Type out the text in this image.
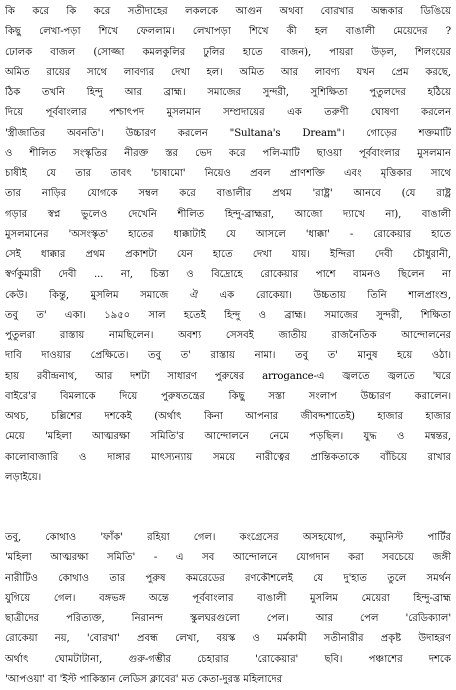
কি করে কি করে সতীদাহের লকলকে আগুন অথবা বোরখার অন্ধকার ডিঙিয়ে
কিছু লেখা-পড়া শিখে ফেললাম। লেখাপড়া শিখে কী হল বাঙালী মেয়েদের ?
ঢোলক বাজল (সোজ্জা কমলকুলির ঢুলির হাতে বাজন), পায়রা উড়ল, শিলংয়ের
অমিত রায়ের সাথে লাবণ্যর দেখা হল। অমিত আর লাবণ্য যখন প্রেম করছে,
ঠিক তখনি হিন্দু আর ব্রাহ্ম। সমাজের সুন্দরী, সুশিক্ষিতা পুতুলদের হঠিয়ে
দিয়ে পূর্ববাংলার পশ্চাৎপদ মুসলমান সম্প্রদায়ের এক তরুণী ঘোষণা করলেন
'স্ত্রীজাতির অবনতি'। উচ্চারণ করলেন "Sultana's Dream"। গোড়ের শক্তমাটি
ও শীলিত সংস্কৃতির নীরক্ত স্তর ভেদ করে পলি-মাটি ছাওয়া পূর্ববাংলার মুসলমান
চাষীই যে তার তাবৎ 'চাষামো' নিয়েও প্রবল প্রাণশক্তি এবং মৃত্তিকার সাথে
তার নাড়ির যোগকে সম্বল করে বাঙালীর প্রথম 'রাষ্ট্র' আনবে (যে রাষ্ট্র
গড়ার স্বপ্ন ভুলেও দেখেনি শীলিত হিন্দু-ব্রাহ্মরা, আজো দ্যাখে না), বাঙালী
মুসলমানের 'অসংস্কৃত' হাতের ধাক্কাটাই যে আসলে 'ধাক্কা' - রোকেয়ার হাতে
সেই ধাক্কার প্রথম প্রকাশটা যেন হাতে দেখা যায়। ইন্দিরা দেবী চৌধুরানী,
স্বর্ণকুমারী দেবী ... না, চিন্তা ও বিদ্রোহে রোকেয়ার পাশে বামনও ছিলেন না
কেউ। কিন্তু, মুসলিম সমাজে ঐ এক রোকেয়া। উচ্চতায় তিনি শালপ্রাংশু,
তবু ত' একা। ১৯৫০ সাল হতেই হিন্দু ও ব্রাহ্ম। সমাজের সুন্দরী, শিক্ষিতা
পুতুলরা রাস্তায় নামছিলেন। অবশ্য সেসবই জাতীয় রাজনৈতিক আন্দোলনের
দাবি দাওয়ার প্রেক্ষিতে। তবু ত' রাস্তায় নামা। তবু ত' মানুষ হয়ে ওঠা।
হায় রবীন্দ্রনাথ, আর দশটা সাধারণ পুরুষের arrogance-এ জ্বলতে জ্বলতে 'ঘরে
বাইরে'র বিমলাকে দিয়ে পুরুষতন্ত্রের কিছু সস্তা সংলাপ উচ্চারণ করালেন।
অথচ, চল্লিশের দশকেই (অর্থাৎ কিনা আপনার জীবদ্দশাতেই) হাজার হাজার
মেয়ে 'মহিলা আত্মরক্ষা সমিতি'র আন্দোলনে নেমে পড়ছিল। যুদ্ধ ও মন্বন্তর,
কালোবাজারি ও দাঙ্গার মাৎস্যন্যায় সময়ে নারীত্বের প্রান্তিকতাকে বাঁচিয়ে রাখার
লড়াইয়ে।
তবু, কোথাও 'ফাঁক' রহিয়া গেল। কংগ্রেসের অসহযোগ, কম্যুনিস্ট পার্টির
'মহিলা আত্মরক্ষা সমিতি' - এ সব আন্দোলনে যোগদান করা সবচেয়ে জঙ্গী
নারীটিও কোথাও তার পুরুষ কমরেডের রণকৌশলেই যে দু'হাত তুলে সমর্থন
যুগিয়ে গেল। বঙ্গভঙ্গ অন্তে পূর্ববাংলার বাঙালী মুসলিম মেয়েরা হিন্দু-ব্রাহ্ম
ছাত্রীদের পরিত্যক্ত, নিরানন্দ স্কুলঘরগুলো পেল। আর পেল 'রেডিক্যাল'
রোকেয়া নয়, 'বোরখা' প্রবন্ধ লেখা, বয়স্ক ও মর্মকামী সতীনারীর প্রকৃষ্ট উদাহরণ
অর্থাৎ ঘোমটাটানা, গুরু-গম্ভীর চেহারার 'রোকেয়ার' ছবি। পঞ্চাশের দশকে
'আপওয়া' বা 'ইস্ট পাকিস্তান লেডিস ক্লাবের' মত কেতা-দুরস্ত মহিলাদের
